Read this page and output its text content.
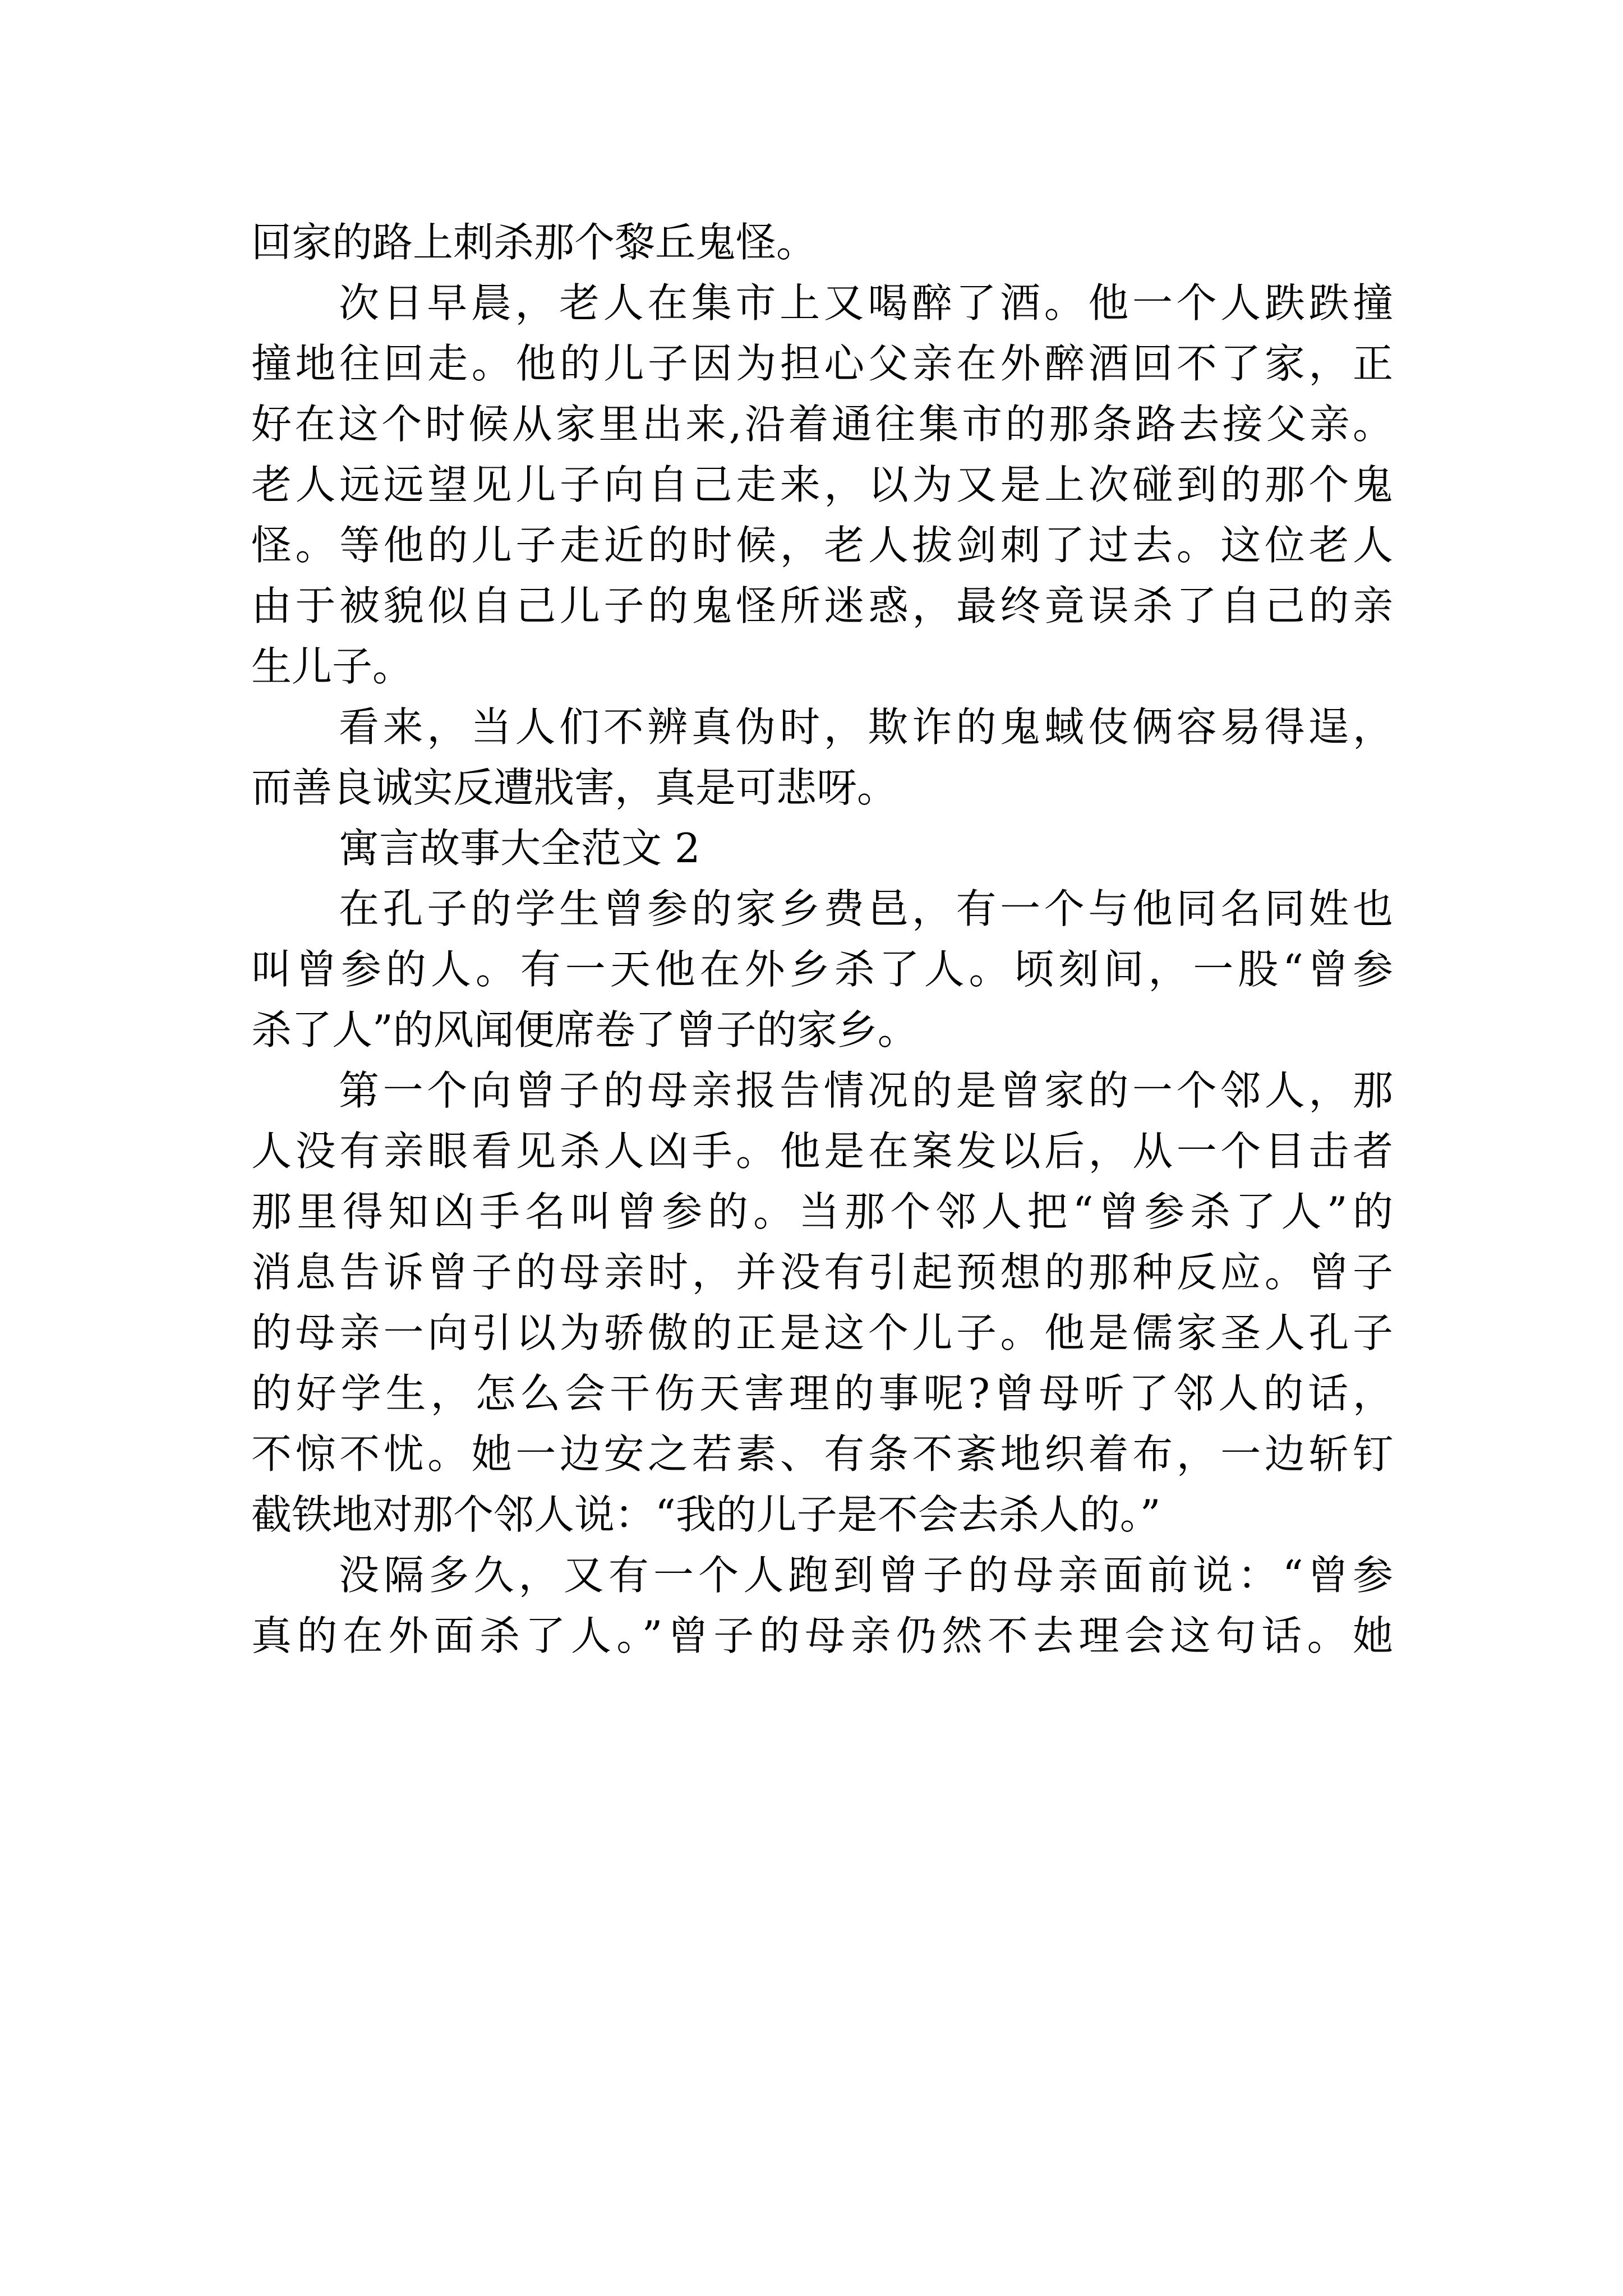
回家的路上刺杀那个黎丘鬼怪。
次日早晨，老人在集市上又喝醉了酒。他一个人跌跌撞
撞地往回走。他的儿子因为担心父亲在外醉酒回不了家，正
好在这个时候从家里出来,沿着通往集市的那条路去接父亲。
老人远远望见儿子向自己走来，以为又是上次碰到的那个鬼
怪。等他的儿子走近的时候，老人拔剑刺了过去。这位老人
由于被貌似自己儿子的鬼怪所迷惑，最终竟误杀了自己的亲
生儿子。
看来，当人们不辨真伪时，欺诈的鬼蜮伎俩容易得逞，
而善良诚实反遭戕害，真是可悲呀。
寓言故事大全范文 2
在孔子的学生曾参的家乡费邑，有一个与他同名同姓也
叫曾参的人。有一天他在外乡杀了人。顷刻间，一股“曾参
杀了人”的风闻便席卷了曾子的家乡。
第一个向曾子的母亲报告情况的是曾家的一个邻人，那
人没有亲眼看见杀人凶手。他是在案发以后，从一个目击者
那里得知凶手名叫曾参的。当那个邻人把“曾参杀了人”的
消息告诉曾子的母亲时，并没有引起预想的那种反应。曾子
的母亲一向引以为骄傲的正是这个儿子。他是儒家圣人孔子
的好学生，怎么会干伤天害理的事呢?曾母听了邻人的话，
不惊不忧。她一边安之若素、有条不紊地织着布，一边斩钉
截铁地对那个邻人说：“我的儿子是不会去杀人的。”
没隔多久，又有一个人跑到曾子的母亲面前说：“曾参
真的在外面杀了人。”曾子的母亲仍然不去理会这句话。她
